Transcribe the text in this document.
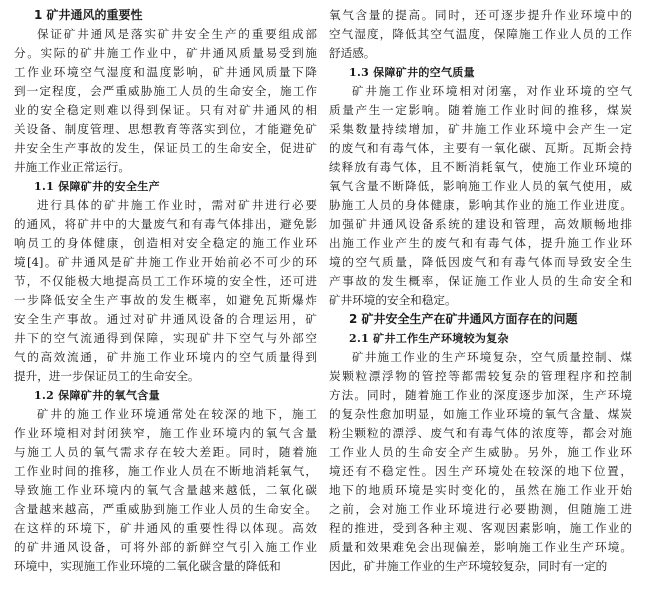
1 矿井通风的重要性
保证矿井通风是落实矿井安全生产的重要组成部
分。实际的矿井施工作业中，矿井通风质量易受到施
工作业环境空气湿度和温度影响，矿井通风质量下降
到一定程度，会严重威胁施工人员的生命安全，施工作
业的安全稳定则难以得到保证。只有对矿井通风的相
关设备、制度管理、思想教育等落实到位，才能避免矿
井安全生产事故的发生，保证员工的生命安全，促进矿
井施工作业正常运行。
1.1 保障矿井的安全生产
进行具体的矿井施工作业时，需对矿井进行必要
的通风，将矿井中的大量废气和有毒气体排出，避免影
响员工的身体健康，创造相对安全稳定的施工作业环
境[4]。矿井通风是矿井施工作业开始前必不可少的环
节，不仅能极大地提高员工工作环境的安全性，还可进
一步降低安全生产事故的发生概率，如避免瓦斯爆炸
安全生产事故。通过对矿井通风设备的合理运用，矿
井下的空气流通得到保障，实现矿井下空气与外部空
气的高效流通，矿井施工作业环境内的空气质量得到
提升，进一步保证员工的生命安全。
1.2 保障矿井的氧气含量
矿井的施工作业环境通常处在较深的地下，施工
作业环境相对封闭狭窄，施工作业环境内的氧气含量
与施工人员的氧气需求存在较大差距。同时，随着施
工作业时间的推移，施工作业人员在不断地消耗氧气，
导致施工作业环境内的氧气含量越来越低，二氧化碳
含量越来越高，严重威胁到施工作业人员的生命安全。
在这样的环境下，矿井通风的重要性得以体现。高效
的矿井通风设备，可将外部的新鲜空气引入施工作业
环境中，实现施工作业环境的二氧化碳含量的降低和
氧气含量的提高。同时，还可逐步提升作业环境中的
空气湿度，降低其空气温度，保障施工作业人员的工作
舒适感。
1.3 保障矿井的空气质量
矿井施工作业环境相对闭塞，对作业环境的空气
质量产生一定影响。随着施工作业时间的推移，煤炭
采集数量持续增加，矿井施工作业环境中会产生一定
的废气和有毒气体，主要有一氧化碳、瓦斯。瓦斯会持
续释放有毒气体，且不断消耗氧气，使施工作业环境的
氧气含量不断降低，影响施工作业人员的氧气使用，威
胁施工人员的身体健康，影响其作业的施工作业进度。
加强矿井通风设备系统的建设和管理，高效顺畅地排
出施工作业产生的废气和有毒气体，提升施工作业环
境的空气质量，降低因废气和有毒气体而导致安全生
产事故的发生概率，保证施工作业人员的生命安全和
矿井环境的安全和稳定。
2 矿井安全生产在矿井通风方面存在的问题
2.1 矿井工作生产环境较为复杂
矿井施工作业的生产环境复杂，空气质量控制、煤
炭颗粒漂浮物的管控等都需较复杂的管理程序和控制
方法。同时，随着施工作业的深度逐步加深，生产环境
的复杂性愈加明显，如施工作业环境的氧气含量、煤炭
粉尘颗粒的漂浮、废气和有毒气体的浓度等，都会对施
工作业人员的生命安全产生威胁。另外，施工作业环
境还有不稳定性。因生产环境处在较深的地下位置，
地下的地质环境是实时变化的，虽然在施工作业开始
之前，会对施工作业环境进行必要勘测，但随施工进
程的推进，受到各种主观、客观因素影响，施工作业的
质量和效果难免会出现偏差，影响施工作业生产环境。
因此，矿井施工作业的生产环境较复杂，同时有一定的
